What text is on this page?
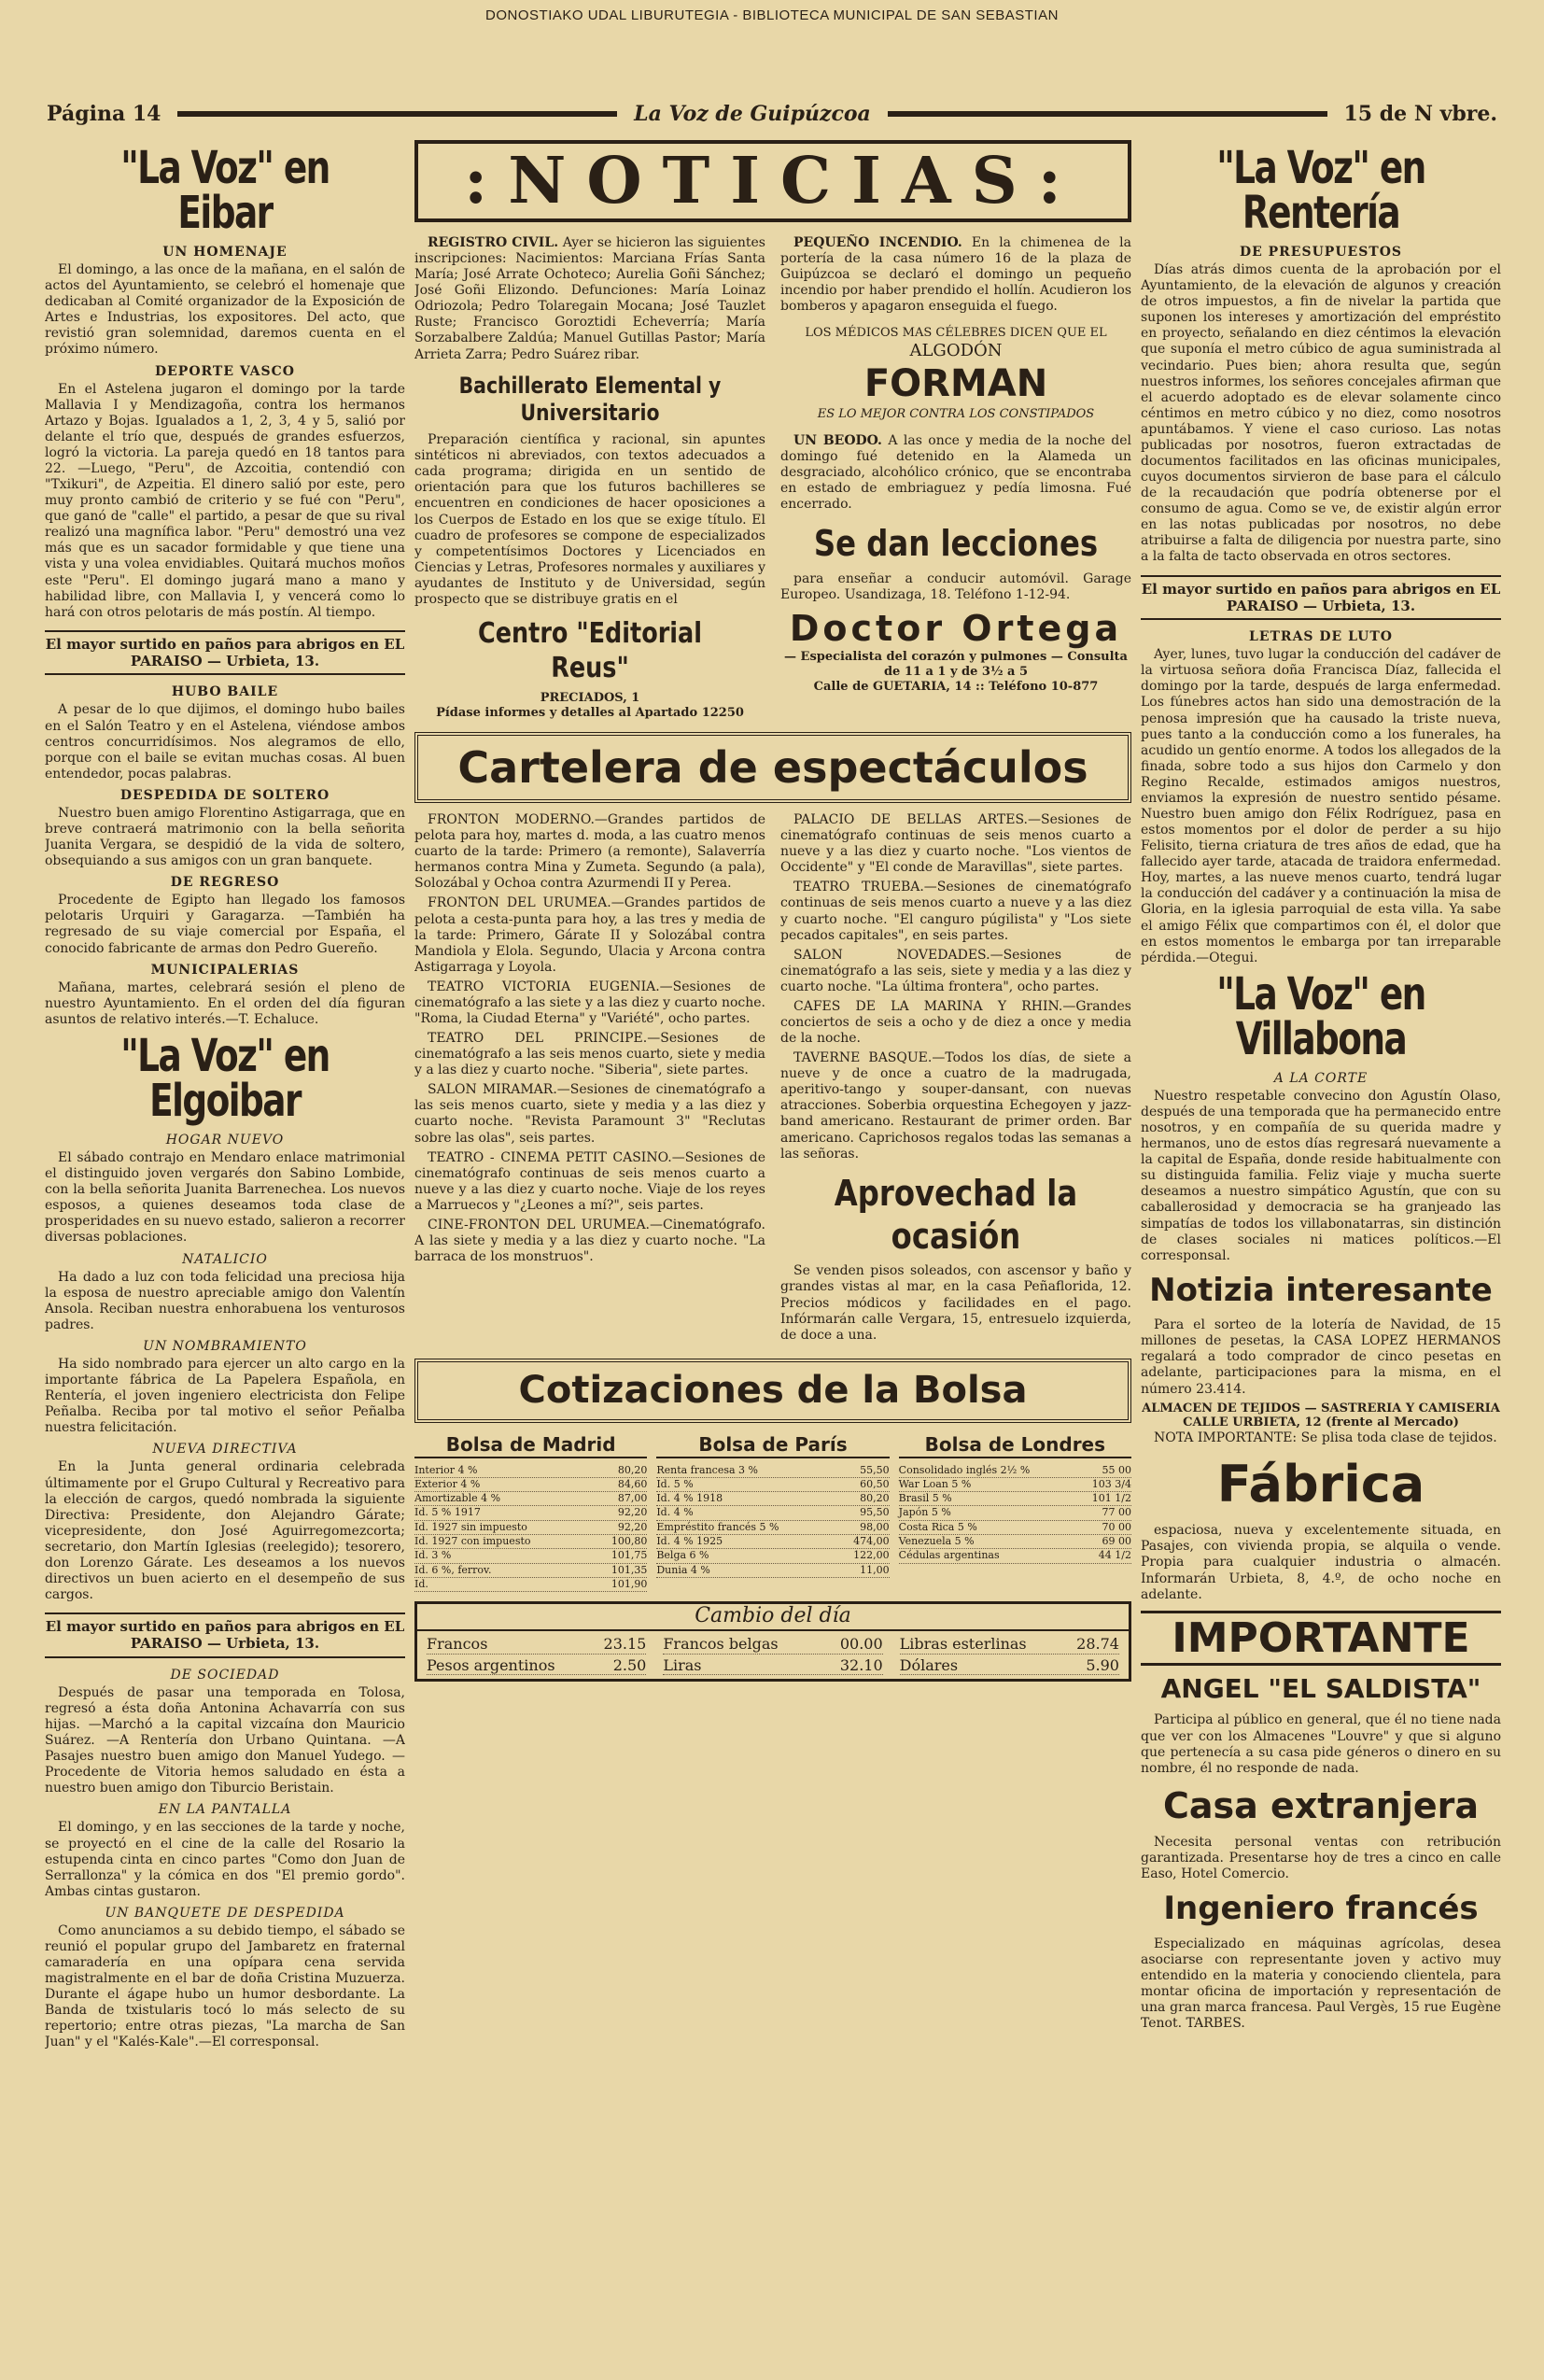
DONOSTIAKO UDAL LIBURUTEGIA - BIBLIOTECA MUNICIPAL DE SAN SEBASTIAN
Página 14	La Voz de Guipúzcoa	15 de N vbre.
"La Voz" en Eibar
UN HOMENAJE

El domingo, a las once de la mañana, en el salón de actos del Ayuntamiento, se celebró el homenaje que dedicaban al Comité organizador de la Exposición de Artes e Industrias, los expositores. Del acto, que revistió gran solemnidad, daremos cuenta en el próximo número.

DEPORTE VASCO

En el Astelena jugaron el domingo por la tarde Mallavia I y Mendizagoña, contra los hermanos Artazo y Bojas. Igualados a 1, 2, 3, 4 y 5, salió por delante el trío que, después de grandes esfuerzos, logró la victoria. La pareja quedó en 18 tantos para 22. —Luego, "Peru", de Azcoitia, contendió con "Txikuri", de Azpeitia. El dinero salió por este, pero muy pronto cambió de criterio y se fué con "Peru", que ganó de "calle" el partido, a pesar de que su rival realizó una magnífica labor. "Peru" demostró una vez más que es un sacador formidable y que tiene una vista y una volea envidiables. Quitará muchos moños este "Peru". El domingo jugará mano a mano y habilidad libre, con Mallavia I, y vencerá como lo hará con otros pelotaris de más postín. Al tiempo.

El mayor surtido en paños para abrigos en EL PARAISO — Urbieta, 13.
HUBO BAILE

A pesar de lo que dijimos, el domingo hubo bailes en el Salón Teatro y en el Astelena, viéndose ambos centros concurridísimos. Nos alegramos de ello, porque con el baile se evitan muchas cosas. Al buen entendedor, pocas palabras.

DESPEDIDA DE SOLTERO

Nuestro buen amigo Florentino Astigarraga, que en breve contraerá matrimonio con la bella señorita Juanita Vergara, se despidió de la vida de soltero, obsequiando a sus amigos con un gran banquete.

DE REGRESO

Procedente de Egipto han llegado los famosos pelotaris Urquiri y Garagarza. —También ha regresado de su viaje comercial por España, el conocido fabricante de armas don Pedro Guereño.

MUNICIPALERIAS

Mañana, martes, celebrará sesión el pleno de nuestro Ayuntamiento. En el orden del día figuran asuntos de relativo interés.—T. Echaluce.

"La Voz" en Elgoibar
HOGAR NUEVO

El sábado contrajo en Mendaro enlace matrimonial el distinguido joven vergarés don Sabino Lombide, con la bella señorita Juanita Barrenechea. Los nuevos esposos, a quienes deseamos toda clase de prosperidades en su nuevo estado, salieron a recorrer diversas poblaciones.

NATALICIO

Ha dado a luz con toda felicidad una preciosa hija la esposa de nuestro apreciable amigo don Valentín Ansola. Reciban nuestra enhorabuena los venturosos padres.

UN NOMBRAMIENTO

Ha sido nombrado para ejercer un alto cargo en la importante fábrica de La Papelera Española, en Rentería, el joven ingeniero electricista don Felipe Peñalba. Reciba por tal motivo el señor Peñalba nuestra felicitación.

NUEVA DIRECTIVA

En la Junta general ordinaria celebrada últimamente por el Grupo Cultural y Recreativo para la elección de cargos, quedó nombrada la siguiente Directiva: Presidente, don Alejandro Gárate; vicepresidente, don José Aguirregomezcorta; secretario, don Martín Iglesias (reelegido); tesorero, don Lorenzo Gárate. Les deseamos a los nuevos directivos un buen acierto en el desempeño de sus cargos.

El mayor surtido en paños para abrigos en EL PARAISO — Urbieta, 13.
DE SOCIEDAD

Después de pasar una temporada en Tolosa, regresó a ésta doña Antonina Achavarría con sus hijas. —Marchó a la capital vizcaína don Mauricio Suárez. —A Rentería don Urbano Quintana. —A Pasajes nuestro buen amigo don Manuel Yudego. —Procedente de Vitoria hemos saludado en ésta a nuestro buen amigo don Tiburcio Beristain.

EN LA PANTALLA

El domingo, y en las secciones de la tarde y noche, se proyectó en el cine de la calle del Rosario la estupenda cinta en cinco partes "Como don Juan de Serrallonza" y la cómica en dos "El premio gordo". Ambas cintas gustaron.

UN BANQUETE DE DESPEDIDA

Como anunciamos a su debido tiempo, el sábado se reunió el popular grupo del Jambaretz en fraternal camaradería en una opípara cena servida magistralmente en el bar de doña Cristina Muzuerza. Durante el ágape hubo un humor desbordante. La Banda de txistularis tocó lo más selecto de su repertorio; entre otras piezas, "La marcha de San Juan" y el "Kalés-Kale".—El corresponsal.

:NOTICIAS:

REGISTRO CIVIL. Ayer se hicieron las siguientes inscripciones: Nacimientos: Marciana Frías Santa María; José Arrate Ochoteco; Aurelia Goñi Sánchez; José Goñi Elizondo. Defunciones: María Loinaz Odriozola; Pedro Tolaregain Mocana; José Tauzlet Ruste; Francisco Goroztidi Echeverría; María Sorzabalbere Zaldúa; Manuel Gutillas Pastor; María Arrieta Zarra; Pedro Suárez ribar.

Bachillerato Elemental y Universitario

Preparación científica y racional, sin apuntes sintéticos ni abreviados, con textos adecuados a cada programa; dirigida en un sentido de orientación para que los futuros bachilleres se encuentren en condiciones de hacer oposiciones a los Cuerpos de Estado en los que se exige título. El cuadro de profesores se compone de especializados y competentísimos Doctores y Licenciados en Ciencias y Letras, Profesores normales y auxiliares y ayudantes de Instituto y de Universidad, según prospecto que se distribuye gratis en el

Centro "Editorial Reus"
PRECIADOS, 1
Pídase informes y detalles al Apartado 12250

PEQUEÑO INCENDIO. En la chimenea de la portería de la casa número 16 de la plaza de Guipúzcoa se declaró el domingo un pequeño incendio por haber prendido el hollín. Acudieron los bomberos y apagaron enseguida el fuego.

LOS MÉDICOS MAS CÉLEBRES DICEN QUE EL
ALGODÓN
FORMAN
ES LO MEJOR CONTRA LOS CONSTIPADOS

UN BEODO. A las once y media de la noche del domingo fué detenido en la Alameda un desgraciado, alcohólico crónico, que se encontraba en estado de embriaguez y pedía limosna. Fué encerrado.

Se dan lecciones

para enseñar a conducir automóvil. Garage Europeo. Usandizaga, 18. Teléfono 1-12-94.

Doctor Ortega
— Especialista del corazón y pulmones — Consulta de 11 a 1 y de 3½ a 5
Calle de GUETARIA, 14 :: Teléfono 10-877
Cartelera de espectáculos

FRONTON MODERNO.—Grandes partidos de pelota para hoy, martes d. moda, a las cuatro menos cuarto de la tarde: Primero (a remonte), Salaverría hermanos contra Mina y Zumeta. Segundo (a pala), Solozábal y Ochoa contra Azurmendi II y Perea.

FRONTON DEL URUMEA.—Grandes partidos de pelota a cesta-punta para hoy, a las tres y media de la tarde: Primero, Gárate II y Solozábal contra Mandiola y Elola. Segundo, Ulacia y Arcona contra Astigarraga y Loyola.

TEATRO VICTORIA EUGENIA.—Sesiones de cinematógrafo a las siete y a las diez y cuarto noche. "Roma, la Ciudad Eterna" y "Variété", ocho partes.

TEATRO DEL PRINCIPE.—Sesiones de cinematógrafo a las seis menos cuarto, siete y media y a las diez y cuarto noche. "Siberia", siete partes.

SALON MIRAMAR.—Sesiones de cinematógrafo a las seis menos cuarto, siete y media y a las diez y cuarto noche. "Revista Paramount 3" "Reclutas sobre las olas", seis partes.

TEATRO - CINEMA PETIT CASINO.—Sesiones de cinematógrafo continuas de seis menos cuarto a nueve y a las diez y cuarto noche. Viaje de los reyes a Marruecos y "¿Leones a mí?", seis partes.

CINE-FRONTON DEL URUMEA.—Cinematógrafo. A las siete y media y a las diez y cuarto noche. "La barraca de los monstruos".

PALACIO DE BELLAS ARTES.—Sesiones de cinematógrafo continuas de seis menos cuarto a nueve y a las diez y cuarto noche. "Los vientos de Occidente" y "El conde de Maravillas", siete partes.

TEATRO TRUEBA.—Sesiones de cinematógrafo continuas de seis menos cuarto a nueve y a las diez y cuarto noche. "El canguro púgilista" y "Los siete pecados capitales", en seis partes.

SALON NOVEDADES.—Sesiones de cinematógrafo a las seis, siete y media y a las diez y cuarto noche. "La última frontera", ocho partes.

CAFES DE LA MARINA Y RHIN.—Grandes conciertos de seis a ocho y de diez a once y media de la noche.

TAVERNE BASQUE.—Todos los días, de siete a nueve y de once a cuatro de la madrugada, aperitivo-tango y souper-dansant, con nuevas atracciones. Soberbia orquestina Echegoyen y jazz-band americano. Restaurant de primer orden. Bar americano. Caprichosos regalos todas las semanas a las señoras.

Aprovechad la ocasión

Se venden pisos soleados, con ascensor y baño y grandes vistas al mar, en la casa Peñaflorida, 12. Precios módicos y facilidades en el pago. Infórmarán calle Vergara, 15, entresuelo izquierda, de doce a una.

Cotizaciones de la Bolsa
Bolsa de Madrid
Interior 4 %	80,20
Exterior 4 %	84,60
Amortizable 4 %	87,00
Id. 5 % 1917	92,20
Id. 1927 sin impuesto	92,20
Id. 1927 con impuesto	100,80
Id. 3 %	101,75
Id. 6 %, ferrov.	101,35
Id.	101,90
Bolsa de París
Renta francesa 3 %	55,50
Id. 5 %	60,50
Id. 4 % 1918	80,20
Id. 4 %	95,50
Empréstito francés 5 %	98,00
Id. 4 % 1925	474,00
Belga 6 %	122,00
Dunia 4 %	11,00
Bolsa de Londres
Consolidado inglés 2½ %	55 00
War Loan 5 %	103 3/4
Brasil 5 %	101 1/2
Japón 5 %	77 00
Costa Rica 5 %	70 00
Venezuela 5 %	69 00
Cédulas argentinas	44 1/2
Cambio del día
Francos	23.15 Francos belgas	00.00 Libras esterlinas	28.74
Pesos argentinos	2.50 Liras	32.10 Dólares	5.90
"La Voz" en Rentería
DE PRESUPUESTOS

Días atrás dimos cuenta de la aprobación por el Ayuntamiento, de la elevación de algunos y creación de otros impuestos, a fin de nivelar la partida que suponen los intereses y amortización del empréstito en proyecto, señalando en diez céntimos la elevación que suponía el metro cúbico de agua suministrada al vecindario. Pues bien; ahora resulta que, según nuestros informes, los señores concejales afirman que el acuerdo adoptado es de elevar solamente cinco céntimos en metro cúbico y no diez, como nosotros apuntábamos. Y viene el caso curioso. Las notas publicadas por nosotros, fueron extractadas de documentos facilitados en las oficinas municipales, cuyos documentos sirvieron de base para el cálculo de la recaudación que podría obtenerse por el consumo de agua. Como se ve, de existir algún error en las notas publicadas por nosotros, no debe atribuirse a falta de diligencia por nuestra parte, sino a la falta de tacto observada en otros sectores.

El mayor surtido en paños para abrigos en EL PARAISO — Urbieta, 13.
LETRAS DE LUTO

Ayer, lunes, tuvo lugar la conducción del cadáver de la virtuosa señora doña Francisca Díaz, fallecida el domingo por la tarde, después de larga enfermedad. Los fúnebres actos han sido una demostración de la penosa impresión que ha causado la triste nueva, pues tanto a la conducción como a los funerales, ha acudido un gentío enorme. A todos los allegados de la finada, sobre todo a sus hijos don Carmelo y don Regino Recalde, estimados amigos nuestros, enviamos la expresión de nuestro sentido pésame. Nuestro buen amigo don Félix Rodríguez, pasa en estos momentos por el dolor de perder a su hijo Felisito, tierna criatura de tres años de edad, que ha fallecido ayer tarde, atacada de traidora enfermedad. Hoy, martes, a las nueve menos cuarto, tendrá lugar la conducción del cadáver y a continuación la misa de Gloria, en la iglesia parroquial de esta villa. Ya sabe el amigo Félix que compartimos con él, el dolor que en estos momentos le embarga por tan irreparable pérdida.—Otegui.

"La Voz" en Villabona
A LA CORTE

Nuestro respetable convecino don Agustín Olaso, después de una temporada que ha permanecido entre nosotros, y en compañía de su querida madre y hermanos, uno de estos días regresará nuevamente a la capital de España, donde reside habitualmente con su distinguida familia. Feliz viaje y mucha suerte deseamos a nuestro simpático Agustín, que con su caballerosidad y democracia se ha granjeado las simpatías de todos los villabonatarras, sin distinción de clases sociales ni matices políticos.—El corresponsal.

Notizia interesante

Para el sorteo de la lotería de Navidad, de 15 millones de pesetas, la CASA LOPEZ HERMANOS regalará a todo comprador de cinco pesetas en adelante, participaciones para la misma, en el número 23.414.

ALMACEN DE TEJIDOS — SASTRERIA Y CAMISERIA
CALLE URBIETA, 12 (frente al Mercado)

NOTA IMPORTANTE: Se plisa toda clase de tejidos.

Fábrica

espaciosa, nueva y excelentemente situada, en Pasajes, con vivienda propia, se alquila o vende. Propia para cualquier industria o almacén. Informarán Urbieta, 8, 4.º, de ocho noche en adelante.

IMPORTANTE
ANGEL "EL SALDISTA"

Participa al público en general, que él no tiene nada que ver con los Almacenes "Louvre" y que si alguno que pertenecía a su casa pide géneros o dinero en su nombre, él no responde de nada.

Casa extranjera

Necesita personal ventas con retribución garantizada. Presentarse hoy de tres a cinco en calle Easo, Hotel Comercio.

Ingeniero francés

Especializado en máquinas agrícolas, desea asociarse con representante joven y activo muy entendido en la materia y conociendo clientela, para montar oficina de importación y representación de una gran marca francesa. Paul Vergès, 15 rue Eugène Tenot. TARBES.
